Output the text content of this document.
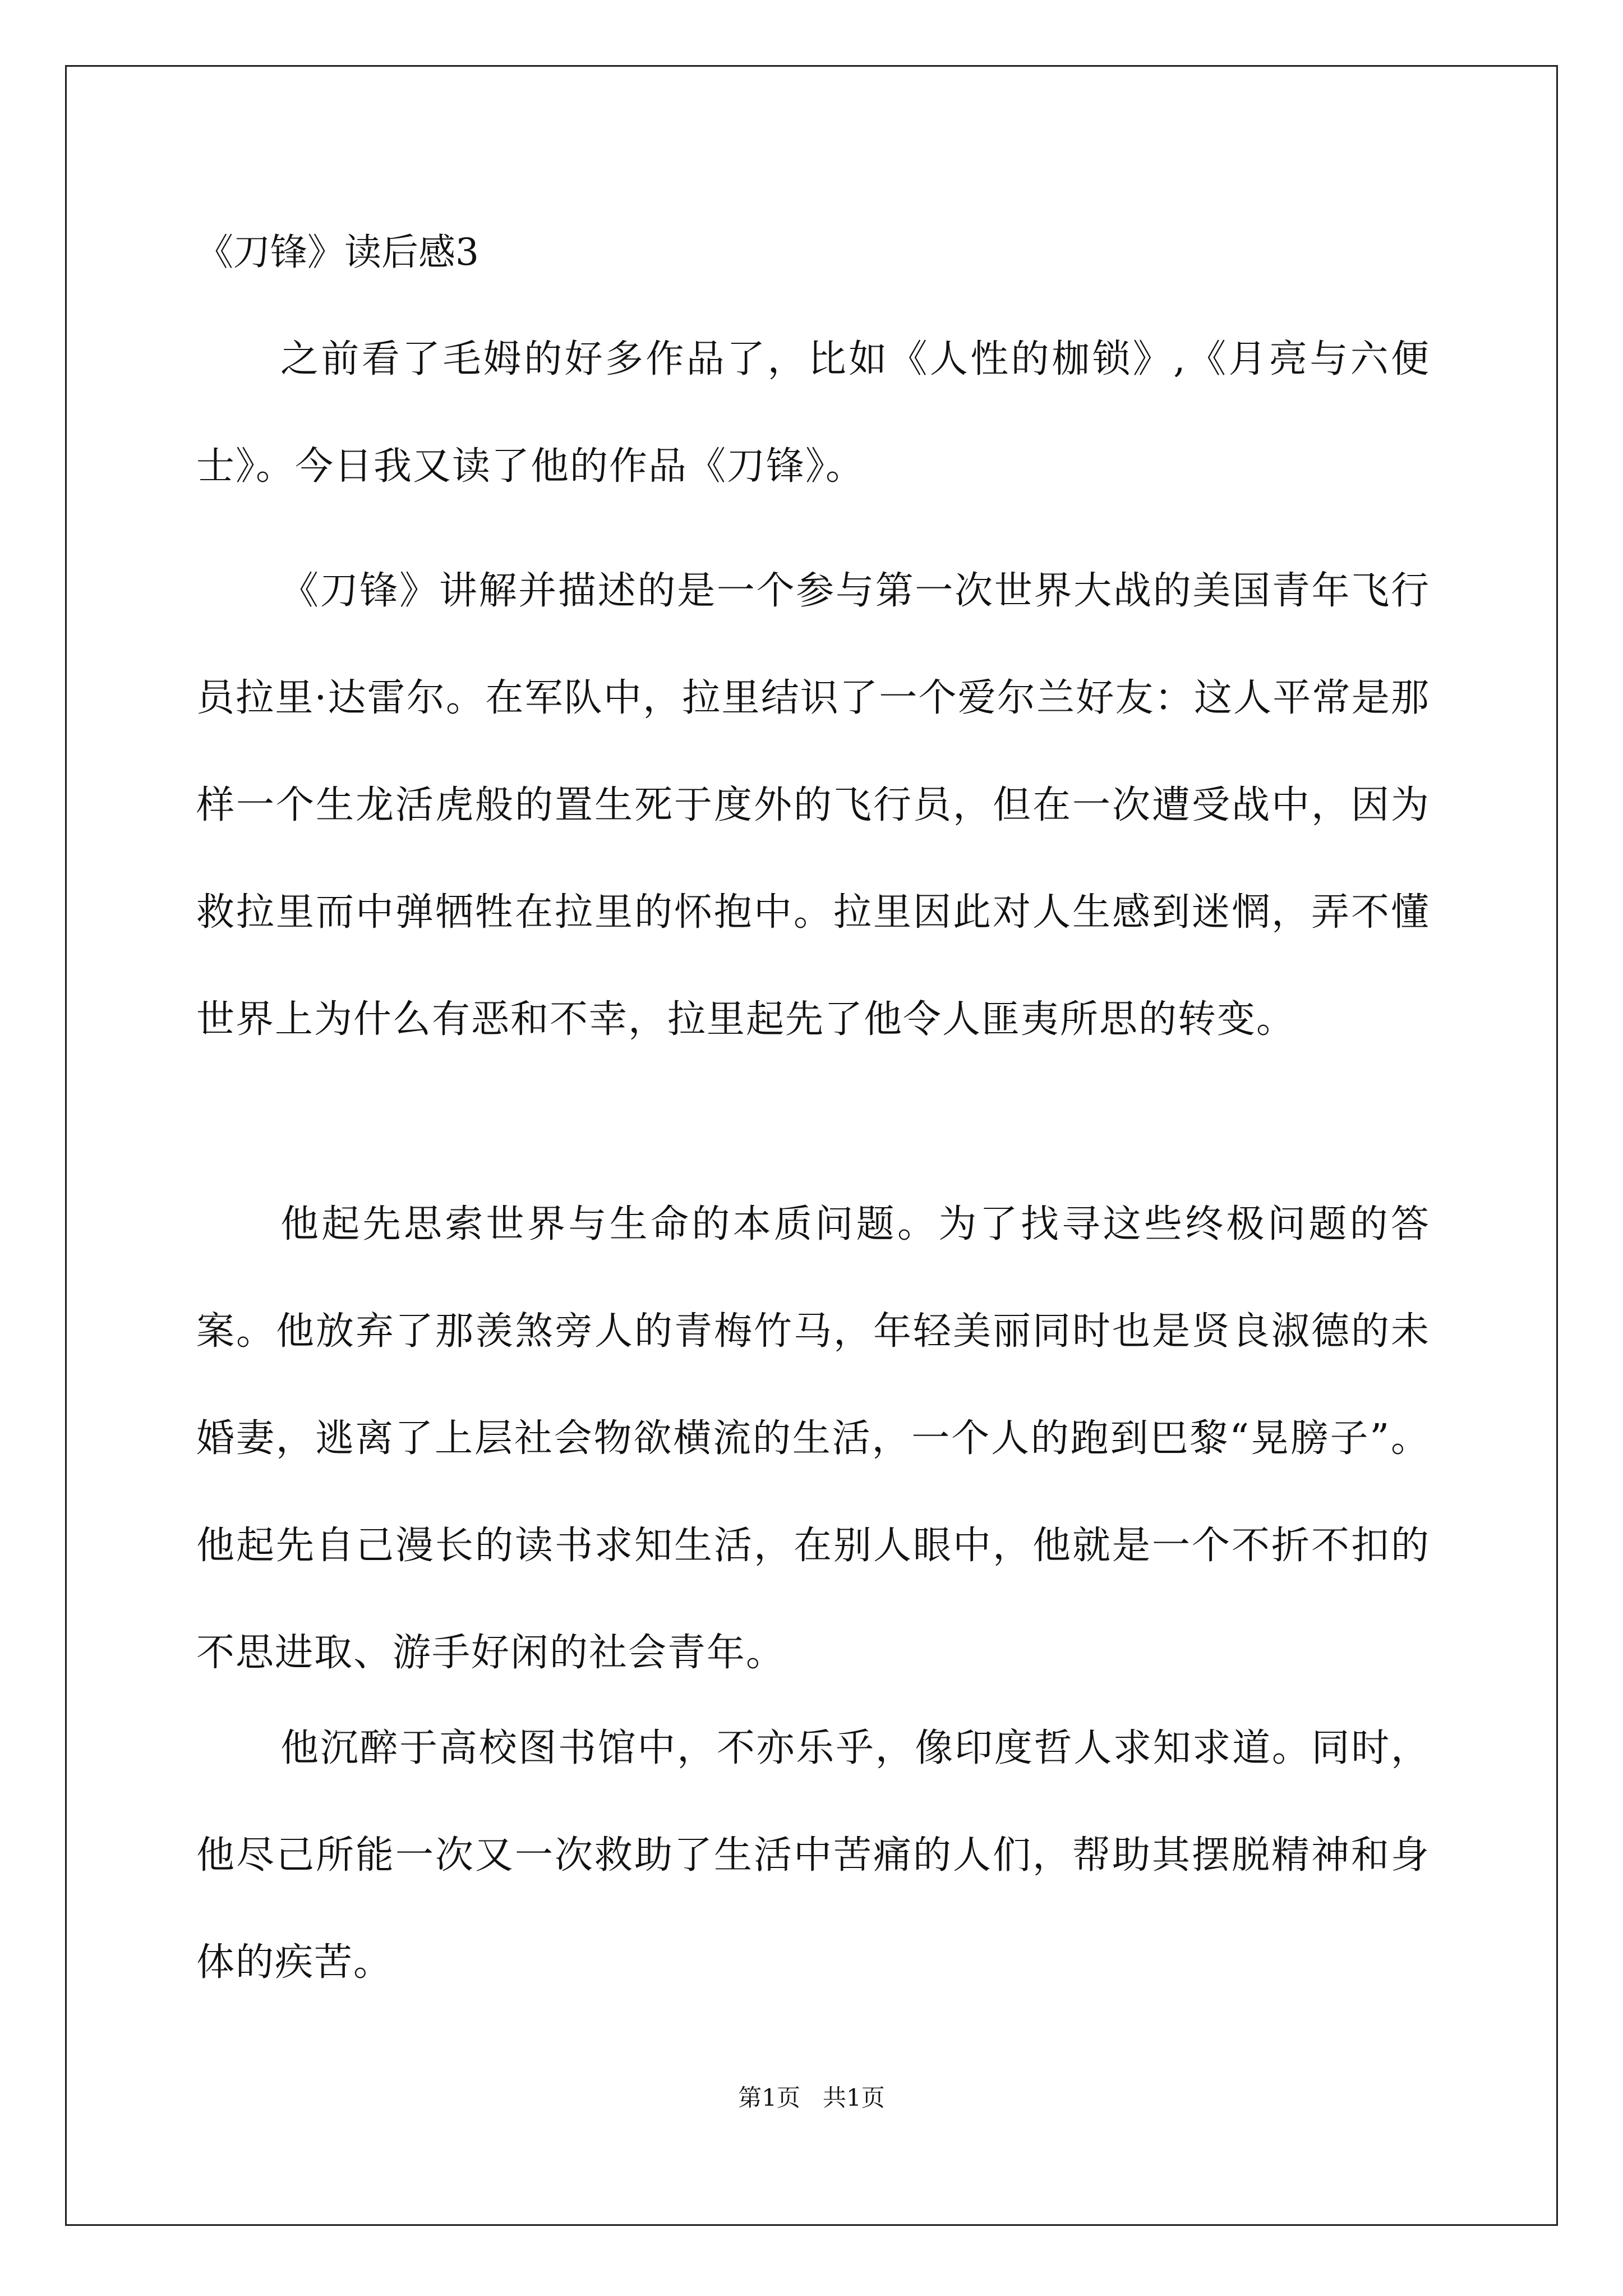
《刀锋》读后感3

之前看了毛姆的好多作品了，比如《人性的枷锁》,《月亮与六便士》。今日我又读了他的作品《刀锋》。

《刀锋》讲解并描述的是一个参与第一次世界大战的美国青年飞行员拉里·达雷尔。在军队中，拉里结识了一个爱尔兰好友：这人平常是那样一个生龙活虎般的置生死于度外的飞行员，但在一次遭受战中，因为救拉里而中弹牺牲在拉里的怀抱中。拉里因此对人生感到迷惘，弄不懂世界上为什么有恶和不幸，拉里起先了他令人匪夷所思的转变。

他起先思索世界与生命的本质问题。为了找寻这些终极问题的答案。他放弃了那羡煞旁人的青梅竹马，年轻美丽同时也是贤良淑德的未婚妻，逃离了上层社会物欲横流的生活，一个人的跑到巴黎“晃膀子”。他起先自己漫长的读书求知生活，在别人眼中，他就是一个不折不扣的不思进取、游手好闲的社会青年。

他沉醉于高校图书馆中，不亦乐乎，像印度哲人求知求道。同时，他尽己所能一次又一次救助了生活中苦痛的人们，帮助其摆脱精神和身体的疾苦。

第1页   共1页
